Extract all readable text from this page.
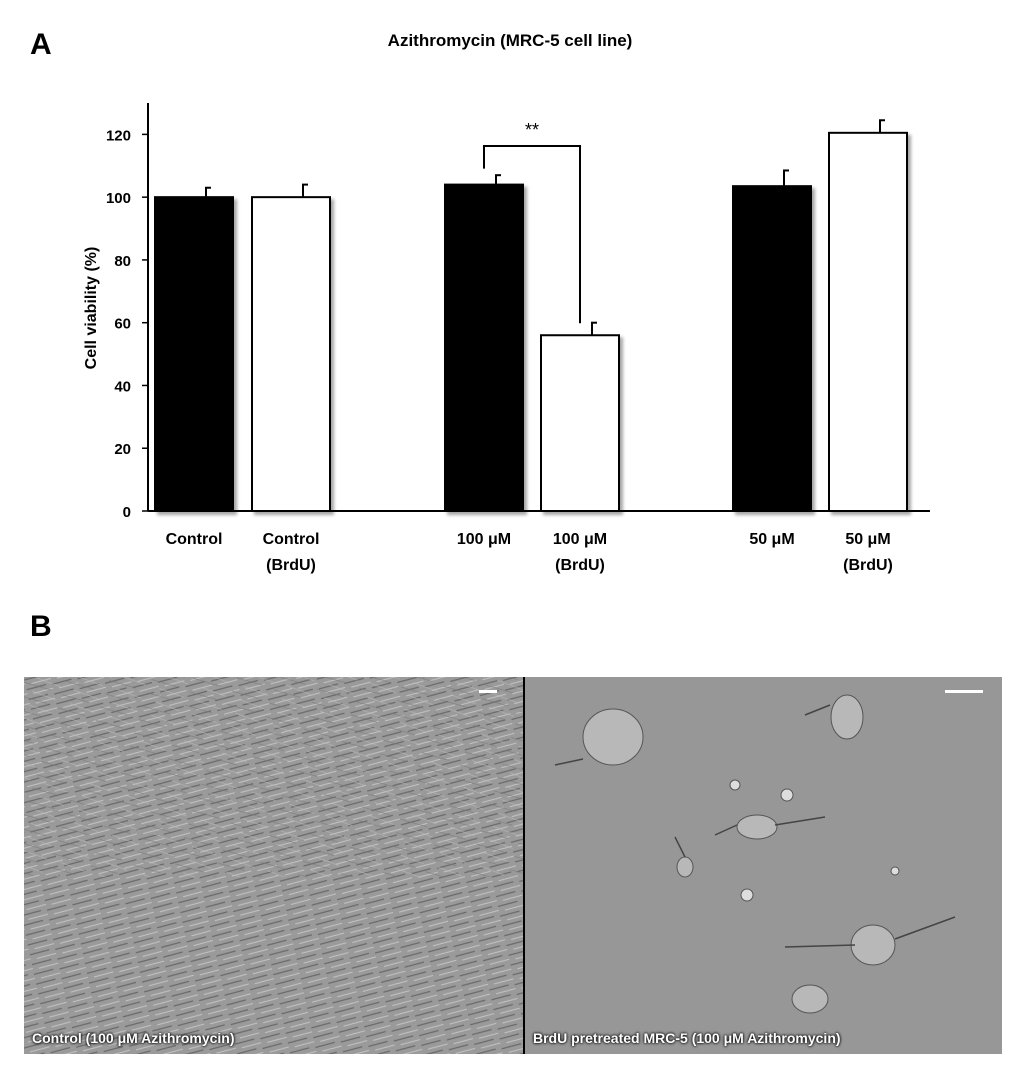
A
B
Azithromycin (MRC-5 cell line)
Cell viability (%)
0
20
40
60
80
100
120
Control	Control
(BrdU)
100 μM	100 μM
(BrdU)
50 μM	50 μM
(BrdU)
**
Control (100 μM Azithromycin)	BrdU pretreated MRC-5 (100 μM Azithromycin)
